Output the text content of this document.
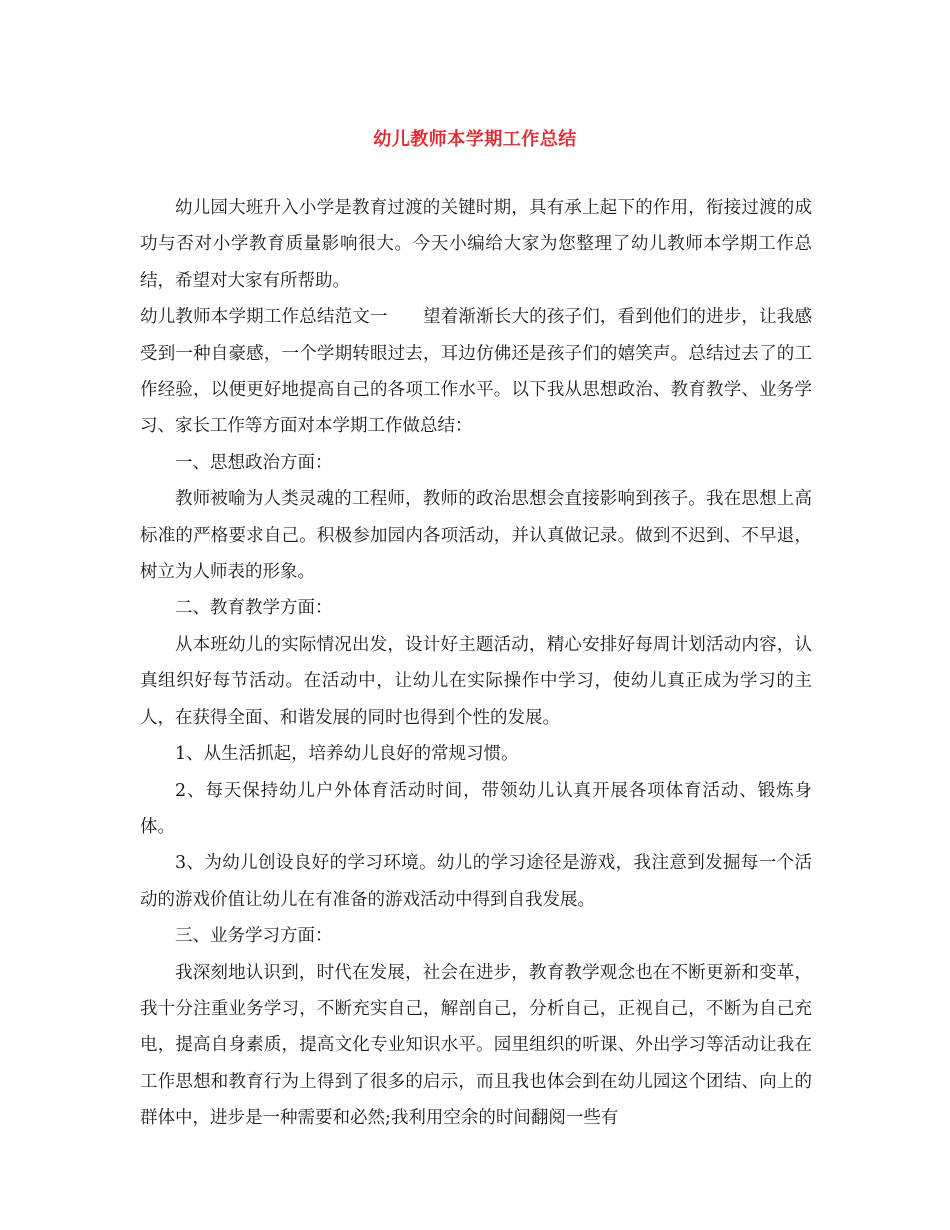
幼儿教师本学期工作总结

幼儿园大班升入小学是教育过渡的关键时期，具有承上起下的作用，衔接过渡的成功与否对小学教育质量影响很大。今天小编给大家为您整理了幼儿教师本学期工作总结，希望对大家有所帮助。

幼儿教师本学期工作总结范文一　　望着渐渐长大的孩子们，看到他们的进步，让我感受到一种自豪感，一个学期转眼过去，耳边仿佛还是孩子们的嬉笑声。总结过去了的工作经验，以便更好地提高自己的各项工作水平。以下我从思想政治、教育教学、业务学习、家长工作等方面对本学期工作做总结：

一、思想政治方面：

教师被喻为人类灵魂的工程师，教师的政治思想会直接影响到孩子。我在思想上高标准的严格要求自己。积极参加园内各项活动，并认真做记录。做到不迟到、不早退，树立为人师表的形象。

二、教育教学方面：

从本班幼儿的实际情况出发，设计好主题活动，精心安排好每周计划活动内容，认真组织好每节活动。在活动中，让幼儿在实际操作中学习，使幼儿真正成为学习的主人，在获得全面、和谐发展的同时也得到个性的发展。

1、从生活抓起，培养幼儿良好的常规习惯。

2、每天保持幼儿户外体育活动时间，带领幼儿认真开展各项体育活动、锻炼身体。

3、为幼儿创设良好的学习环境。幼儿的学习途径是游戏，我注意到发掘每一个活动的游戏价值让幼儿在有准备的游戏活动中得到自我发展。

三、业务学习方面：

我深刻地认识到，时代在发展，社会在进步，教育教学观念也在不断更新和变革，我十分注重业务学习，不断充实自己，解剖自己，分析自己，正视自己，不断为自己充电，提高自身素质，提高文化专业知识水平。园里组织的听课、外出学习等活动让我在工作思想和教育行为上得到了很多的启示，而且我也体会到在幼儿园这个团结、向上的群体中，进步是一种需要和必然;我利用空余的时间翻阅一些有
